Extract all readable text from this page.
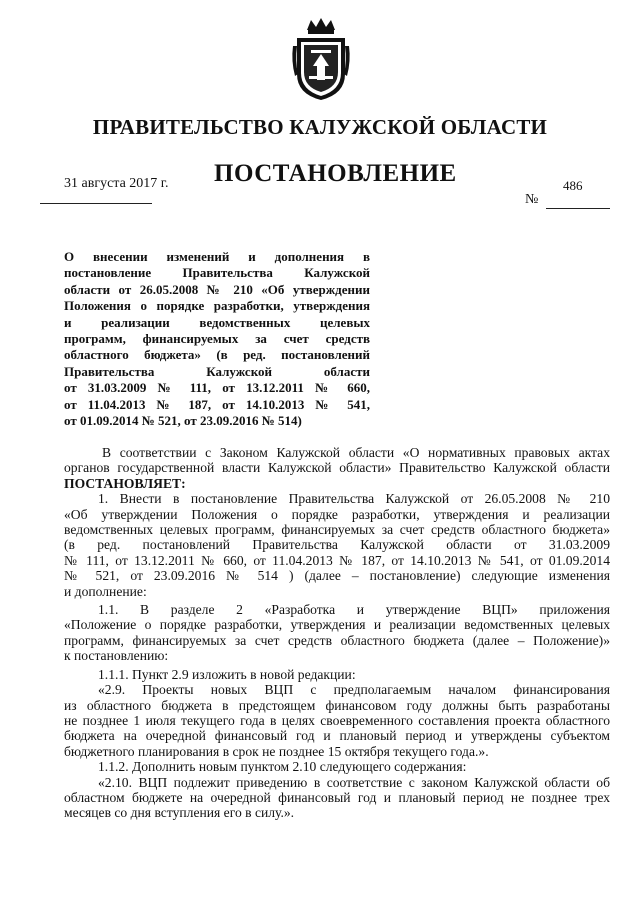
ПРАВИТЕЛЬСТВО КАЛУЖСКОЙ ОБЛАСТИ
ПОСТАНОВЛЕНИЕ
31 августа 2017 г.	486
№
О внесении изменений и дополнения в
постановление Правительства Калужской
области от 26.05.2008 № 210 «Об утверждении
Положения о порядке разработки, утверждения
и реализации ведомственных целевых
программ, финансируемых за счет средств
областного бюджета» (в ред. постановлений
Правительства Калужской области
от 31.03.2009 № 111, от 13.12.2011 № 660,
от 11.04.2013 № 187, от 14.10.2013 № 541,
от 01.09.2014 № 521, от 23.09.2016 № 514)
В соответствии с Законом Калужской области «О нормативных правовых актах
органов государственной власти Калужской области» Правительство Калужской области
ПОСТАНОВЛЯЕТ:
1. Внести в постановление Правительства Калужской от 26.05.2008 № 210
«Об утверждении Положения о порядке разработки, утверждения и реализации
ведомственных целевых программ, финансируемых за счет средств областного бюджета»
(в ред. постановлений Правительства Калужской области от 31.03.2009
№ 111, от 13.12.2011 № 660, от 11.04.2013 № 187, от 14.10.2013 № 541, от 01.09.2014
№ 521, от 23.09.2016 № 514 ) (далее – постановление) следующие изменения
и дополнение:
1.1. В разделе 2 «Разработка и утверждение ВЦП» приложения
«Положение о порядке разработки, утверждения и реализации ведомственных целевых
программ, финансируемых за счет средств областного бюджета (далее – Положение)»
к постановлению:
1.1.1. Пункт 2.9 изложить в новой редакции:
«2.9. Проекты новых ВЦП с предполагаемым началом финансирования
из областного бюджета в предстоящем финансовом году должны быть разработаны
не позднее 1 июля текущего года в целях своевременного составления проекта областного
бюджета на очередной финансовый год и плановый период и утверждены субъектом
бюджетного планирования в срок не позднее 15 октября текущего года.».
1.1.2. Дополнить новым пунктом 2.10 следующего содержания:
«2.10. ВЦП подлежит приведению в соответствие с законом Калужской области об
областном бюджете на очередной финансовый год и плановый период не позднее трех
месяцев со дня вступления его в силу.».
